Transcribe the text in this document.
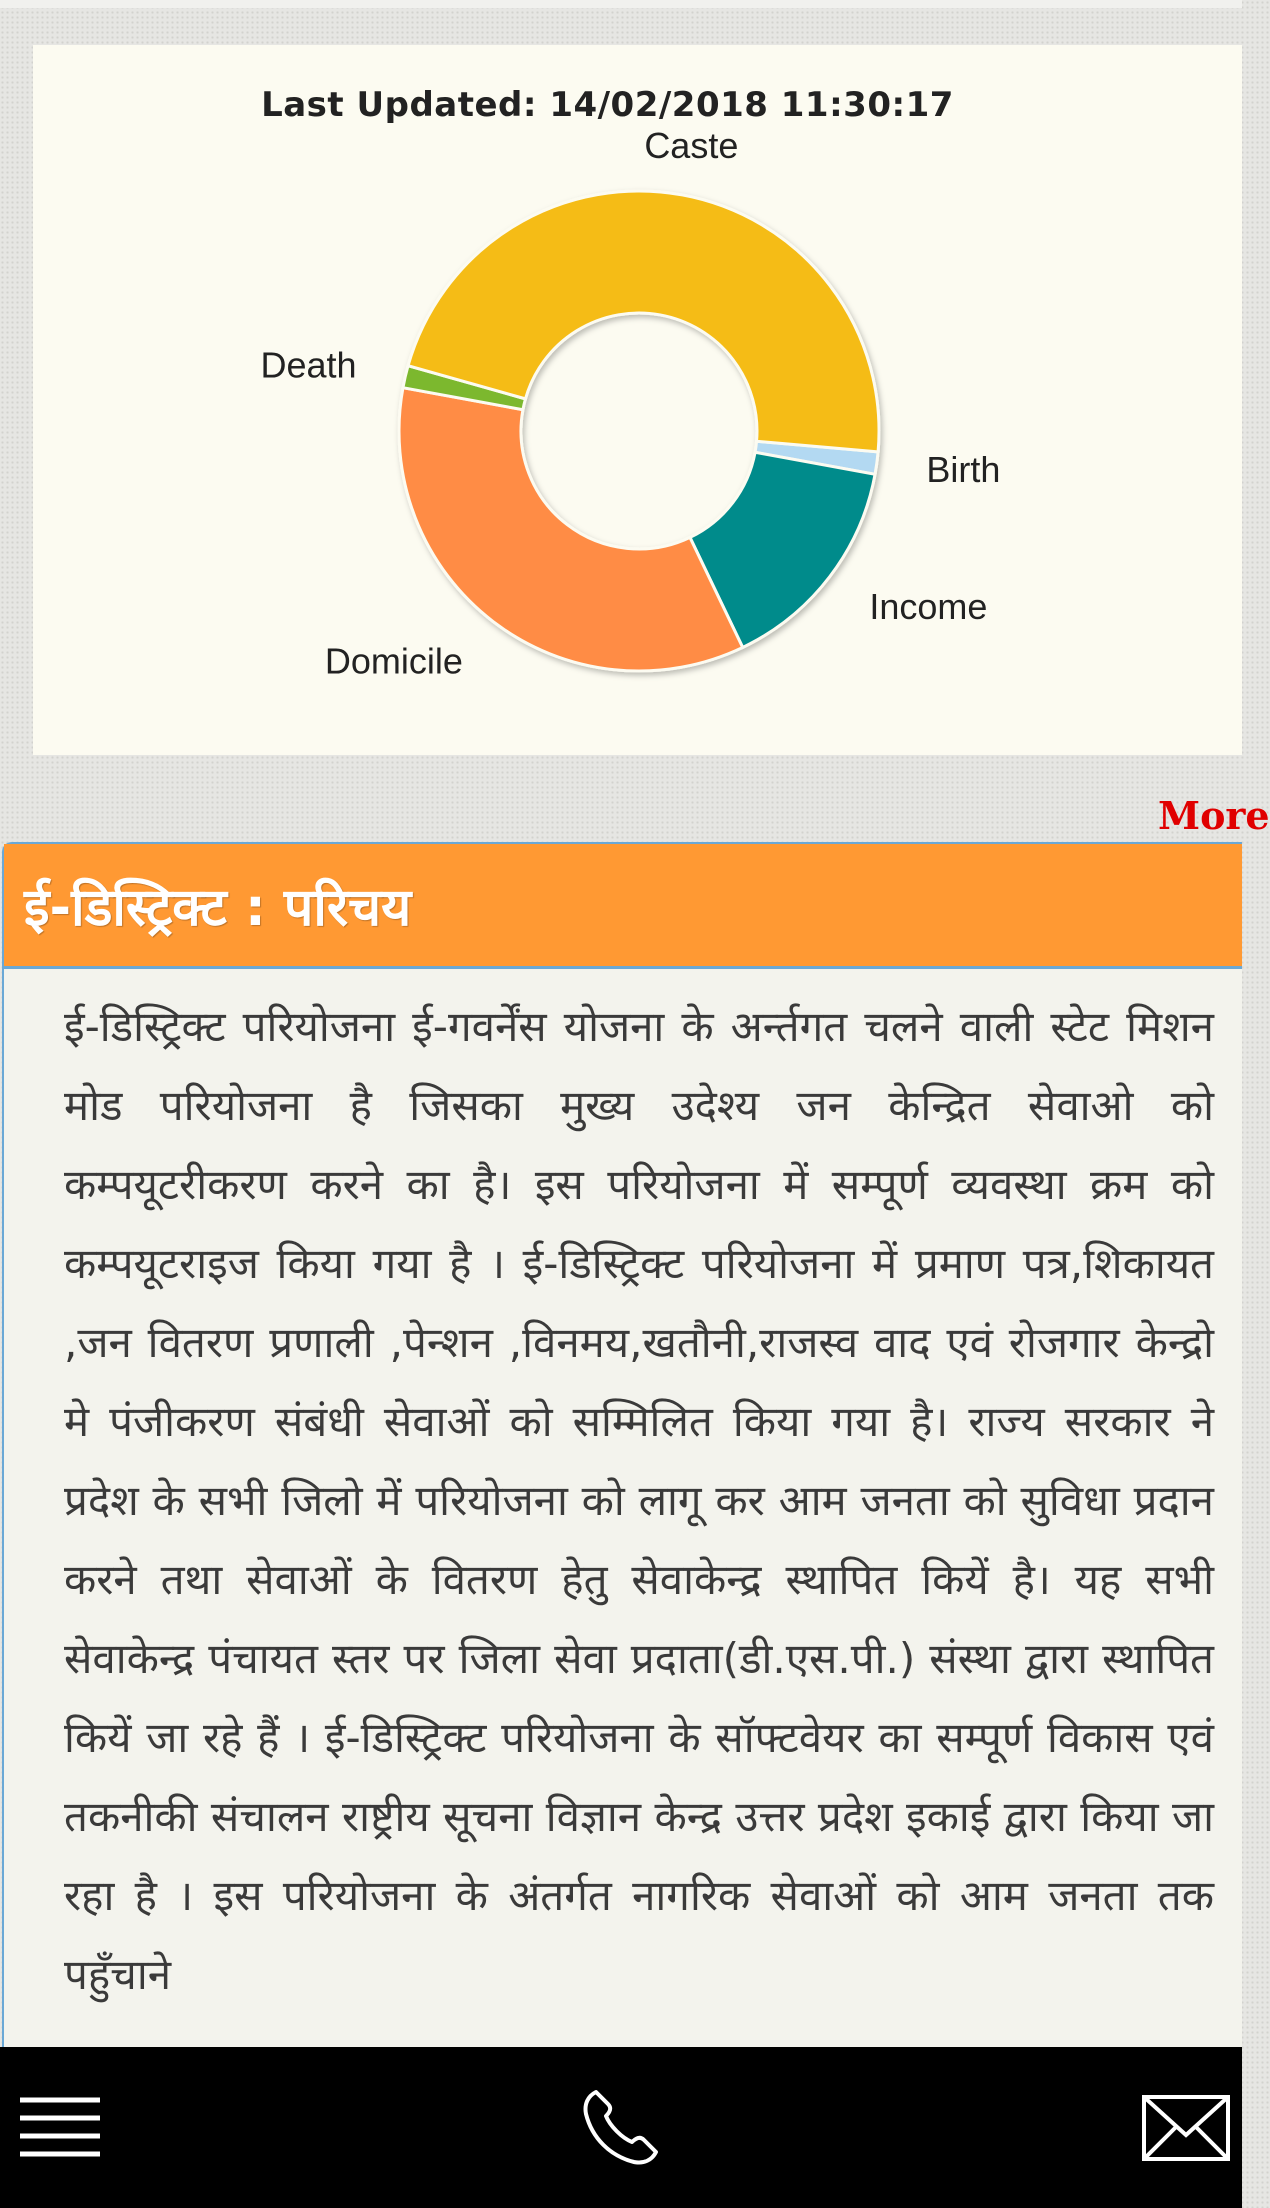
Last Updated: 14/02/2018 11:30:17
Birth
Income
Domicile
Death
Caste
More
ई-डिस्ट्रिक्ट : परिचय
ई-डिस्ट्रिक्ट परियोजना ई-गवर्नेंस योजना के अर्न्तगत चलने वाली स्टेट मिशन मोड परियोजना है जिसका मुख्य उदेश्य जन केन्द्रित सेवाओ को कम्पयूटरीकरण करने का है। इस परियोजना में सम्पूर्ण व्यवस्था क्रम को कम्पयूटराइज किया गया है । ई-डिस्ट्रिक्ट परियोजना में प्रमाण पत्र,शिकायत ,जन वितरण प्रणाली ,पेन्शन ,विनमय,खतौनी,राजस्व वाद एवं रोजगार केन्द्रो मे पंजीकरण संबंधी सेवाओं को सम्मिलित किया गया है। राज्य सरकार ने प्रदेश के सभी जिलो में परियोजना को लागू कर आम जनता को सुविधा प्रदान करने तथा सेवाओं के वितरण हेतु सेवाकेन्द्र स्थापित कियें है। यह सभी सेवाकेन्द्र पंचायत स्तर पर जिला सेवा प्रदाता(डी.एस.पी.) संस्था द्वारा स्थापित कियें जा रहे हैं । ई-डिस्ट्रिक्ट परियोजना के सॉफ्टवेयर का सम्पूर्ण विकास एवं तकनीकी संचालन राष्ट्रीय सूचना विज्ञान केन्द्र उत्तर प्रदेश इकाई द्वारा किया जा रहा है । इस परियोजना के अंतर्गत नागरिक सेवाओं को आम जनता तक पहुँचाने
